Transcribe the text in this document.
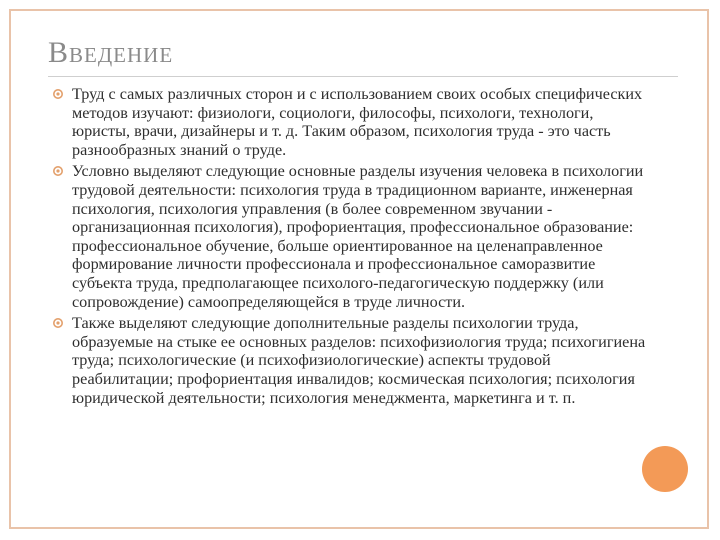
Введение
Труд с самых различных сторон и с использованием своих особых специфических методов изучают: физиологи, социологи, философы, психологи, технологи, юристы, врачи, дизайнеры и т. д. Таким образом, психология труда - это часть разнообразных знаний о труде.
Условно выделяют следующие основные разделы изучения человека в психологии трудовой деятельности: психология труда в традиционном варианте, инженерная психология, психология управления (в более современном звучании - организационная психология), профориентация, профессиональное образование: профессиональное обучение, больше ориентированное на целенаправленное формирование личности профессионала и профессиональное саморазвитие субъекта труда, предполагающее психолого-педагогическую поддержку (или сопровождение) самоопределяющейся в труде личности.
Также выделяют следующие дополнительные разделы психологии труда, образуемые на стыке ее основных разделов: психофизиология труда; психогигиена труда; психологические (и психофизиологические) аспекты трудовой реабилитации; профориентация инвалидов; космическая психология; психология юридической деятельности; психология менеджмента, маркетинга и т. п.
